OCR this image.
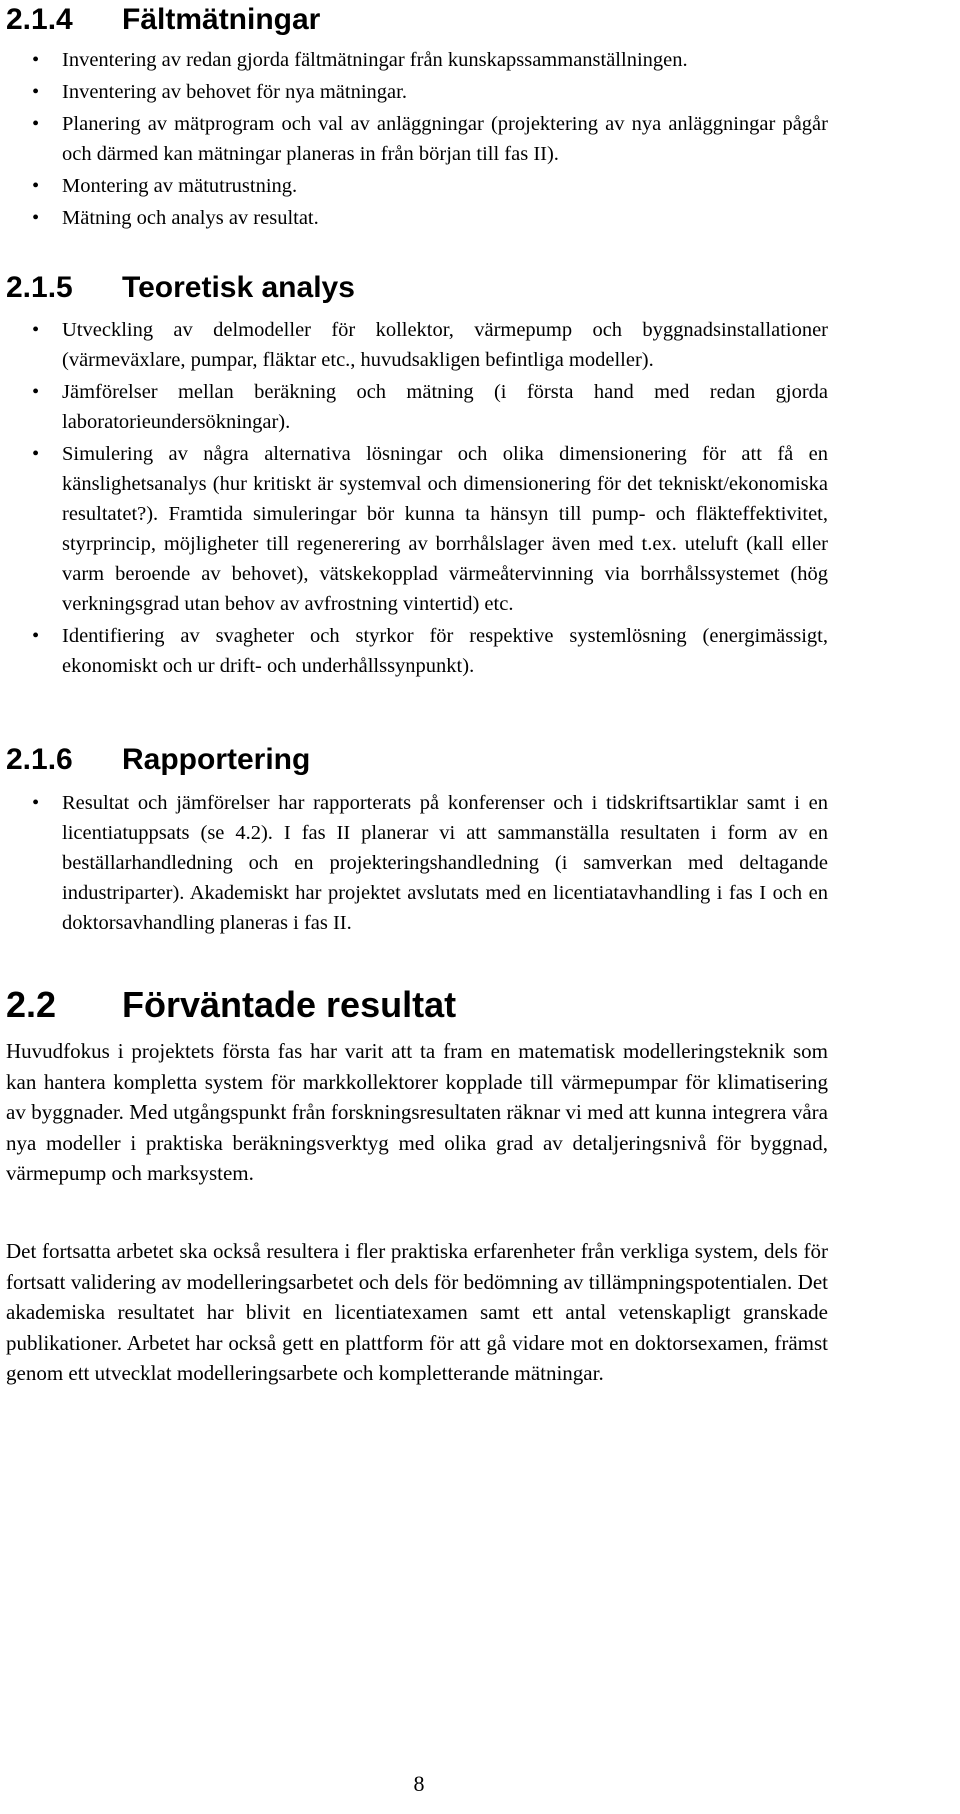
2.1.4 Fältmätningar
• Inventering av redan gjorda fältmätningar från kunskapssammanställningen.
• Inventering av behovet för nya mätningar.
• Planering av mätprogram och val av anläggningar (projektering av nya anläggningar pågår och därmed kan mätningar planeras in från början till fas II).
• Montering av mätutrustning.
• Mätning och analys av resultat.
2.1.5 Teoretisk analys
• Utveckling av delmodeller för kollektor, värmepump och byggnadsinstallationer (värmeväxlare, pumpar, fläktar etc., huvudsakligen befintliga modeller).
• Jämförelser mellan beräkning och mätning (i första hand med redan gjorda laboratorieundersökningar).
• Simulering av några alternativa lösningar och olika dimensionering för att få en känslighetsanalys (hur kritiskt är systemval och dimensionering för det tekniskt/ekonomiska resultatet?). Framtida simuleringar bör kunna ta hänsyn till pump- och fläkteffektivitet, styrprincip, möjligheter till regenerering av borrhålslager även med t.ex. uteluft (kall eller varm beroende av behovet), vätskekopplad värmeåtervinning via borrhålssystemet (hög verkningsgrad utan behov av avfrostning vintertid) etc.
• Identifiering av svagheter och styrkor för respektive systemlösning (energimässigt, ekonomiskt och ur drift- och underhållssynpunkt).
2.1.6 Rapportering
• Resultat och jämförelser har rapporterats på konferenser och i tidskriftsartiklar samt i en licentiatuppsats (se 4.2). I fas II planerar vi att sammanställa resultaten i form av en beställarhandledning och en projekteringshandledning (i samverkan med deltagande industriparter). Akademiskt har projektet avslutats med en licentiatavhandling i fas I och en doktorsavhandling planeras i fas II.
2.2 Förväntade resultat

Huvudfokus i projektets första fas har varit att ta fram en matematisk modelleringsteknik som kan hantera kompletta system för markkollektorer kopplade till värmepumpar för klimatisering av byggnader. Med utgångspunkt från forskningsresultaten räknar vi med att kunna integrera våra nya modeller i praktiska beräkningsverktyg med olika grad av detaljeringsnivå för byggnad, värmepump och marksystem.

Det fortsatta arbetet ska också resultera i fler praktiska erfarenheter från verkliga system, dels för fortsatt validering av modelleringsarbetet och dels för bedömning av tillämpningspotentialen. Det akademiska resultatet har blivit en licentiatexamen samt ett antal vetenskapligt granskade publikationer. Arbetet har också gett en plattform för att gå vidare mot en doktorsexamen, främst genom ett utvecklat modelleringsarbete och kompletterande mätningar.

8
